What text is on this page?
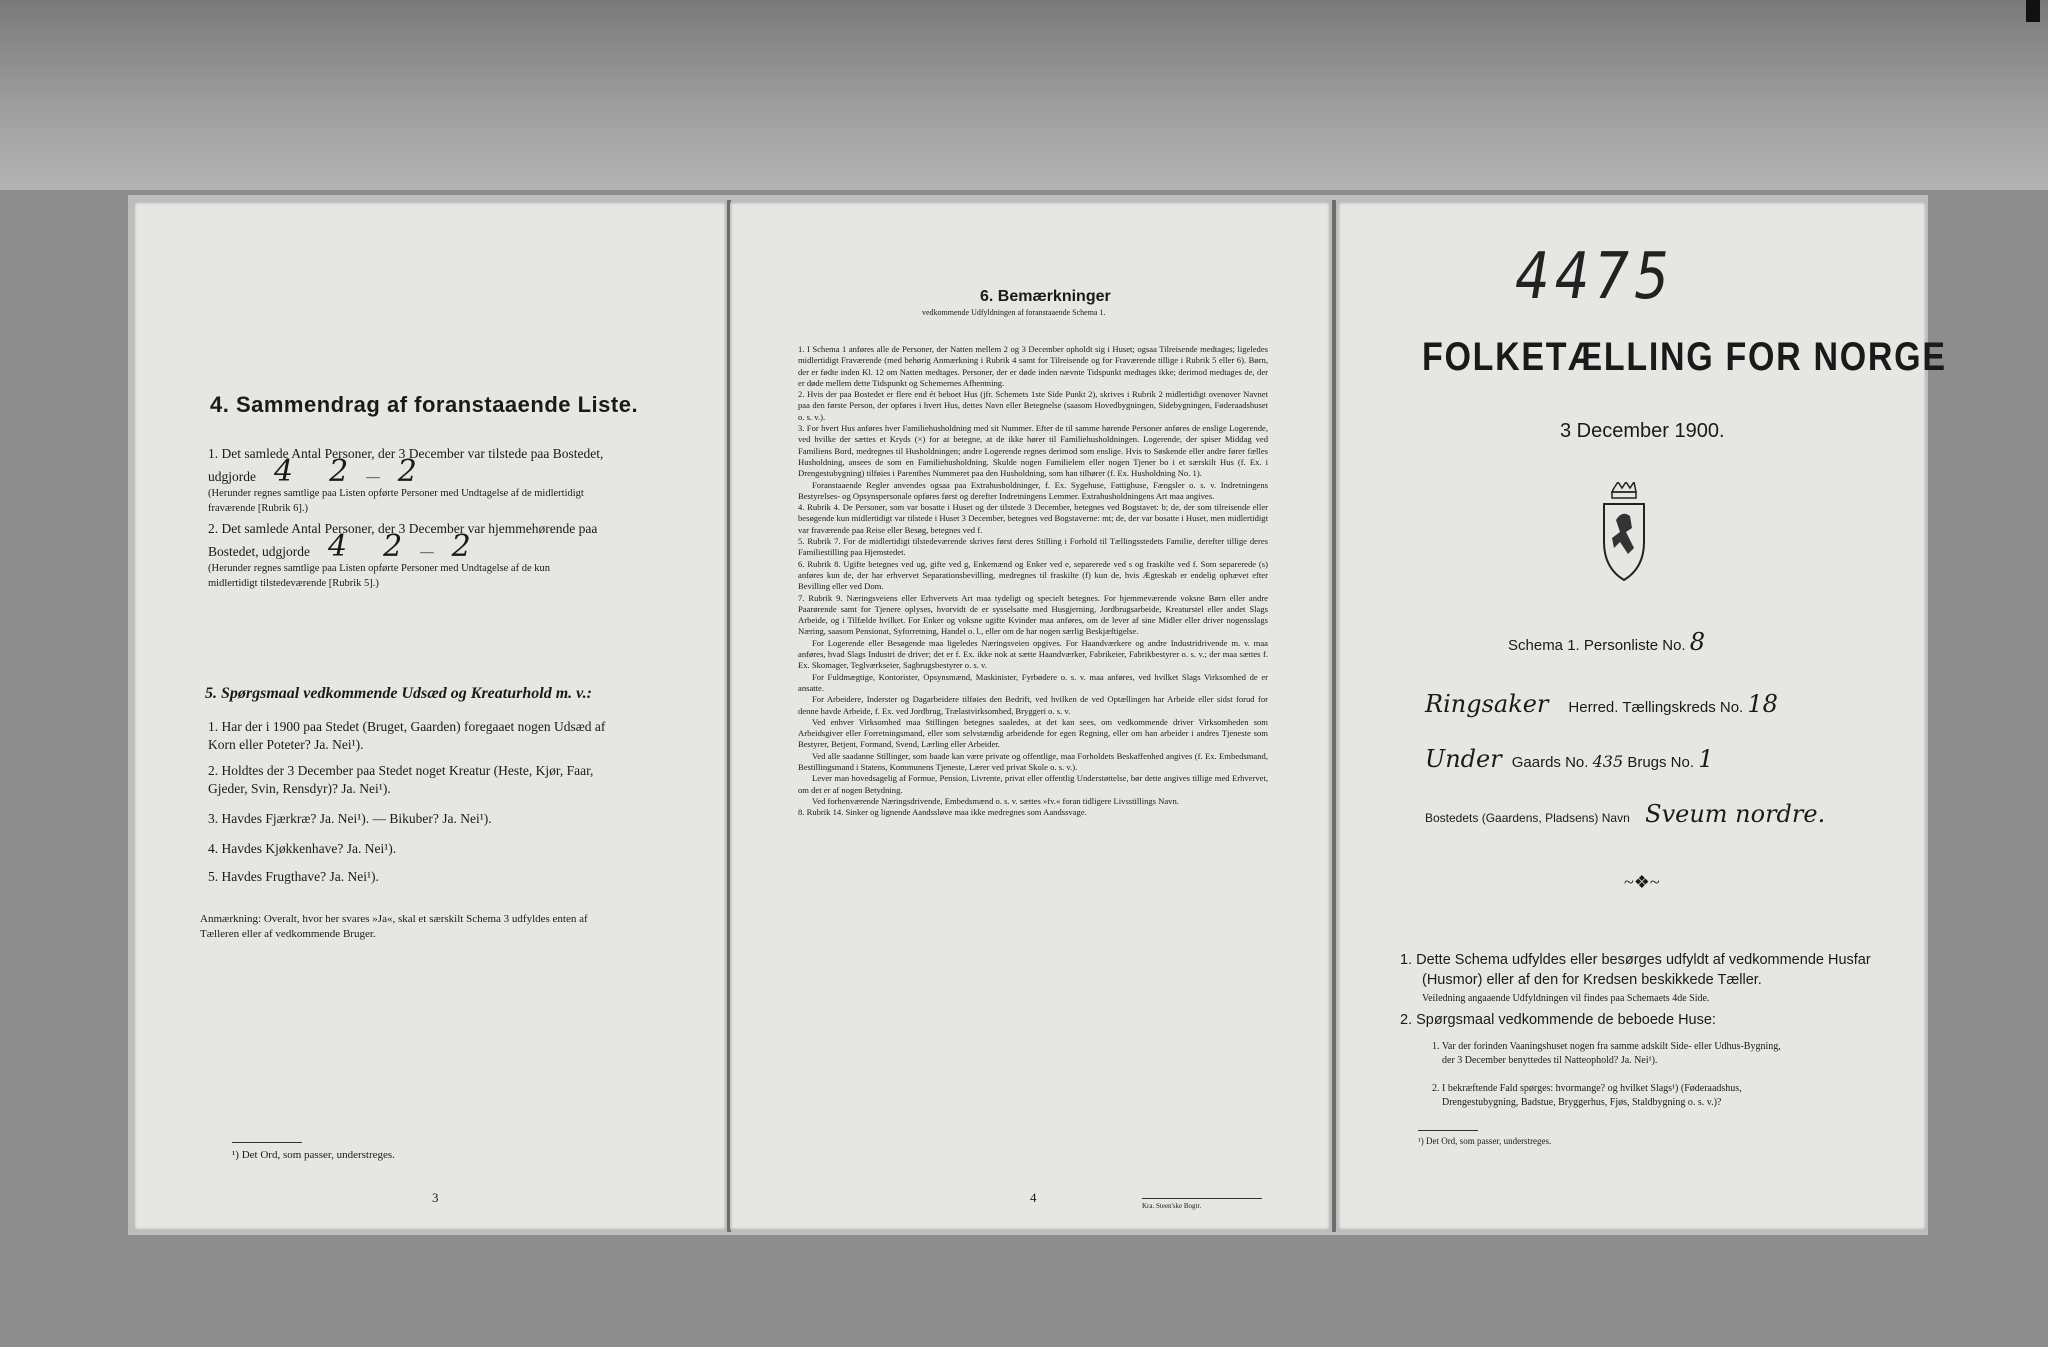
4. Sammendrag af foranstaaende Liste.
1. Det samlede Antal Personer, der 3 December var tilstede paa Bostedet,
udgjorde 4 2 — 2
(Herunder regnes samtlige paa Listen opførte Personer med Undtagelse af de midlertidigt
fraværende [Rubrik 6].)
2. Det samlede Antal Personer, der 3 December var hjemmehørende paa
Bostedet, udgjorde 4 2 — 2
(Herunder regnes samtlige paa Listen opførte Personer med Undtagelse af de kun
midlertidigt tilstedeværende [Rubrik 5].)
5. Spørgsmaal vedkommende Udsæd og Kreaturhold m. v.:
1. Har der i 1900 paa Stedet (Bruget, Gaarden) foregaaet nogen Udsæd af
Korn eller Poteter? Ja. Nei¹).
2. Holdtes der 3 December paa Stedet noget Kreatur (Heste, Kjør, Faar,
Gjeder, Svin, Rensdyr)? Ja. Nei¹).
3. Havdes Fjærkræ? Ja. Nei¹). — Bikuber? Ja. Nei¹).
4. Havdes Kjøkkenhave? Ja. Nei¹).
5. Havdes Frugthave? Ja. Nei¹).
Anmærkning: Overalt, hvor her svares »Ja«, skal et særskilt Schema 3 udfyldes enten af
Tælleren eller af vedkommende Bruger.
¹) Det Ord, som passer, understreges.
3
6. Bemærkninger
vedkommende Udfyldningen af foranstaaende Schema 1.
1. I Schema 1 anføres alle de Personer, der Natten mellem 2 og 3 December opholdt sig i Huset; ogsaa Tilreisende medtages; ligeledes midlertidigt Fraværende (med behørig Anmærkning i Rubrik 4 samt for Tilreisende og for Fraværende tillige i Rubrik 5 eller 6). Børn, der er fødte inden Kl. 12 om Natten medtages. Personer, der er døde inden nævnte Tidspunkt medtages ikke; derimod medtages de, der er døde mellem dette Tidspunkt og Schemernes Afhentning.
2. Hvis der paa Bostedet er flere end ét beboet Hus (jfr. Schemets 1ste Side Punkt 2), skrives i Rubrik 2 midlertidigt ovenover Navnet paa den første Person, der opføres i hvert Hus, dettes Navn eller Betegnelse (saasom Hovedbygningen, Sidebygningen, Føderaadshuset o. s. v.).
3. For hvert Hus anføres hver Familiehusholdning med sit Nummer. Efter de til samme hørende Personer anføres de enslige Logerende, ved hvilke der sættes et Kryds (×) for at betegne, at de ikke hører til Familiehusholdningen. Logerende, der spiser Middag ved Familiens Bord, medregnes til Husholdningen; andre Logerende regnes derimod som enslige. Hvis to Søskende eller andre fører fælles Husholdning, ansees de som en Familiehusholdning. Skulde nogen Familielem eller nogen Tjener bo i et særskilt Hus (f. Ex. i Drengestubygning) tilføies i Parenthes Nummeret paa den Husholdning, som han tilhører (f. Ex. Husholdning No. 1).
Foranstaaende Regler anvendes ogsaa paa Extrahusholdninger, f. Ex. Sygehuse, Fattighuse, Fængsler o. s. v. Indretningens Bestyrelses- og Opsynspersonale opføres først og derefter Indretningens Lemmer. Extrahusholdningens Art maa angives.
4. Rubrik 4. De Personer, som var bosatte i Huset og der tilstede 3 December, betegnes ved Bogstavet: b; de, der som tilreisende eller besøgende kun midlertidigt var tilstede i Huset 3 December, betegnes ved Bogstaverne: mt; de, der var bosatte i Huset, men midlertidigt var fraværende paa Reise eller Besøg, betegnes ved f.
5. Rubrik 7. For de midlertidigt tilstedeværende skrives først deres Stilling i Forhold til Tællingsstedets Familie, derefter tillige deres Familiestilling paa Hjemstedet.
6. Rubrik 8. Ugifte betegnes ved ug, gifte ved g, Enkemænd og Enker ved e, separerede ved s og fraskilte ved f. Som separerede (s) anføres kun de, der har erhvervet Separationsbevilling, medregnes til fraskilte (f) kun de, hvis Ægteskab er endelig ophævet efter Bevilling eller ved Dom.
7. Rubrik 9. Næringsveiens eller Erhvervets Art maa tydeligt og specielt betegnes. For hjemmeværende voksne Børn eller andre Paarørende samt for Tjenere oplyses, hvorvidt de er sysselsatte med Husgjerning, Jordbrugsarbeide, Kreaturstel eller andet Slags Arbeide, og i Tilfælde hvilket. For Enker og voksne ugifte Kvinder maa anføres, om de lever af sine Midler eller driver nogensslags Næring, saasom Pensionat, Syforretning, Handel o. l., eller om de har nogen særlig Beskjæftigelse.
For Logerende eller Besøgende maa ligeledes Næringsveien opgives. For Haandværkere og andre Industridrivende m. v. maa anføres, hvad Slags Industri de driver; det er f. Ex. ikke nok at sætte Haandværker, Fabrikeier, Fabrikbestyrer o. s. v.; der maa sættes f. Ex. Skomager, Teglværkseier, Sagbrugsbestyrer o. s. v.
For Fuldmægtige, Kontorister, Opsynsmænd, Maskinister, Fyrbødere o. s. v. maa anføres, ved hvilket Slags Virksomhed de er ansatte.
For Arbeidere, Inderster og Dagarbeidere tilføies den Bedrift, ved hvilken de ved Optællingen har Arbeide eller sidst forud for denne havde Arbeide, f. Ex. ved Jordbrug, Trælastvirksomhed, Bryggeri o. s. v.
Ved enhver Virksomhed maa Stillingen betegnes saaledes, at det kan sees, om vedkommende driver Virksomheden som Arbeidsgiver eller Forretningsmand, eller som selvstændig arbeidende for egen Regning, eller om han arbeider i andres Tjeneste som Bestyrer, Betjent, Formand, Svend, Lærling eller Arbeider.
Ved alle saadanne Stillinger, som baade kan være private og offentlige, maa Forholdets Beskaffenhed angives (f. Ex. Embedsmand, Bestillingsmand i Statens, Kommunens Tjeneste, Lærer ved privat Skole o. s. v.).
Lever man hovedsagelig af Formue, Pension, Livrente, privat eller offentlig Understøttelse, bør dette angives tillige med Erhvervet, om det er af nogen Betydning.
Ved forhenværende Næringsdrivende, Embedsmænd o. s. v. sættes »fv.« foran tidligere Livsstillings Navn.
8. Rubrik 14. Sinker og lignende Aandssløve maa ikke medregnes som Aandssvage.
4
Kra. Steen'ske Bogtr.
4475
FOLKETÆLLING FOR NORGE
3 December 1900.
Schema 1. Personliste No. 8
Ringsaker Herred. Tællingskreds No. 18
Under Gaards No. 435 Brugs No. 1
Bostedets (Gaardens, Pladsens) Navn Sveum nordre.
~❖~
1. Dette Schema udfyldes eller besørges udfyldt af vedkommende Husfar
(Husmor) eller af den for Kredsen beskikkede Tæller.
Veiledning angaaende Udfyldningen vil findes paa Schemaets 4de Side.
2. Spørgsmaal vedkommende de beboede Huse:
1. Var der forinden Vaaningshuset nogen fra samme adskilt Side- eller Udhus-Bygning,
der 3 December benyttedes til Natteophold? Ja. Nei¹).
2. I bekræftende Fald spørges: hvormange? og hvilket Slags¹) (Føderaadshus,
Drengestubygning, Badstue, Bryggerhus, Fjøs, Staldbygning o. s. v.)?
¹) Det Ord, som passer, understreges.
